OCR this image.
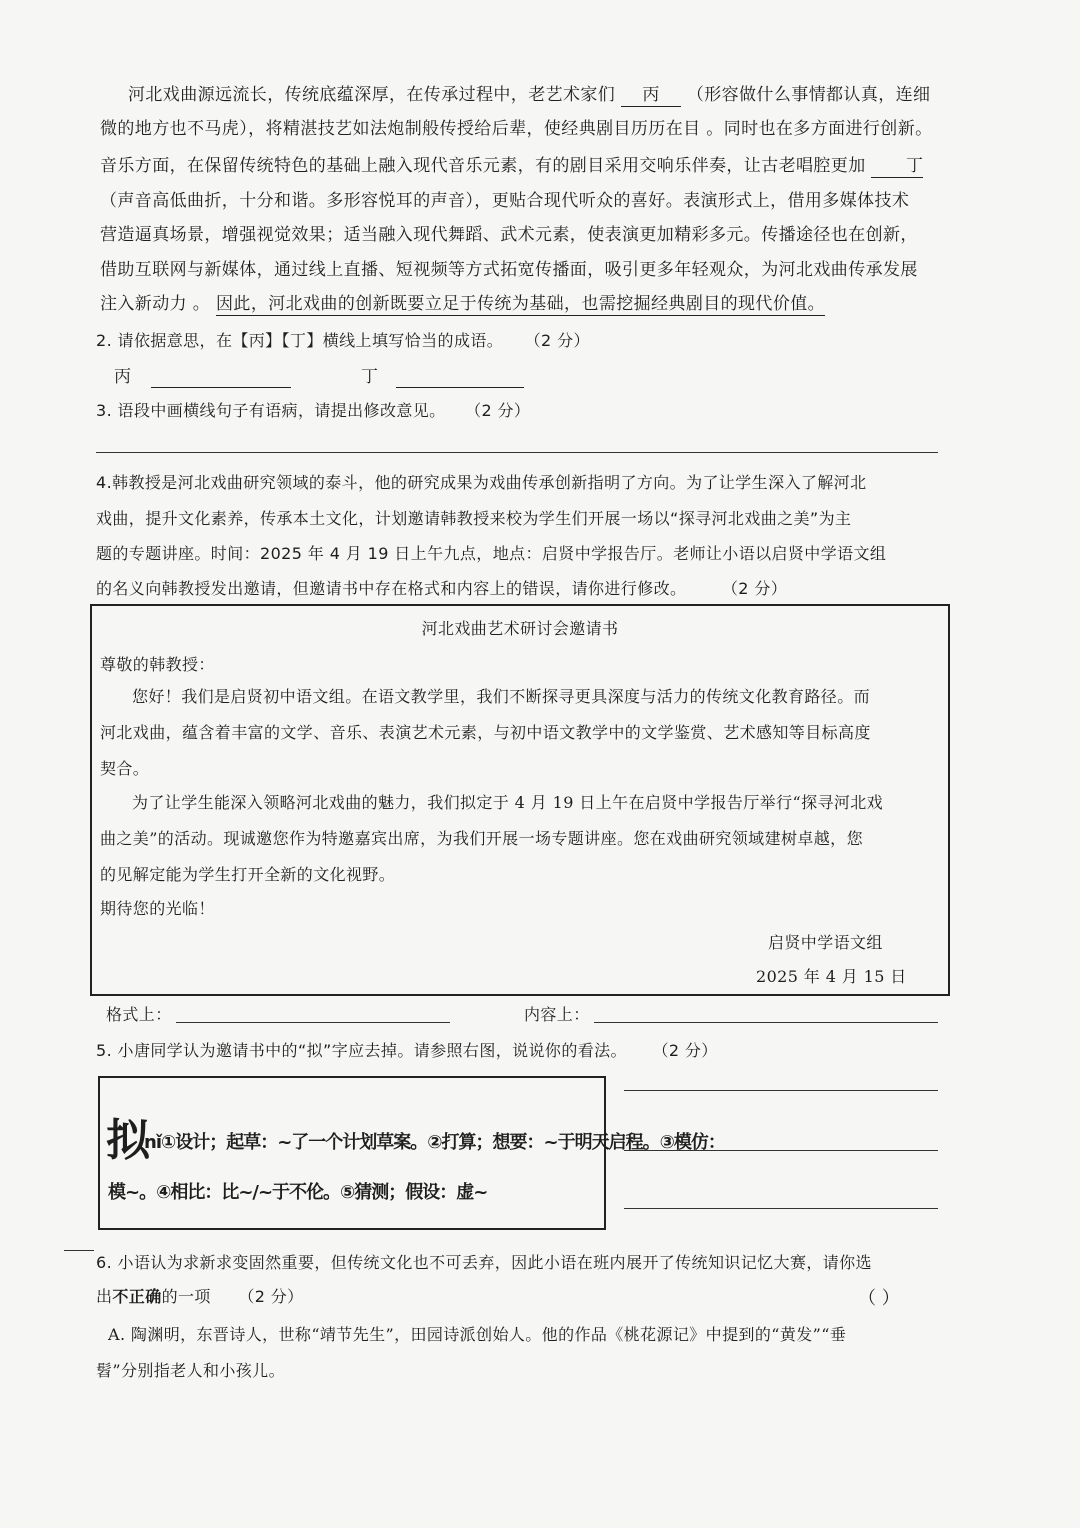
河北戏曲源远流长，传统底蕴深厚，在传承过程中，老艺术家们 丙 （形容做什么事情都认真，连细
微的地方也不马虎），将精湛技艺如法炮制般传授给后辈，使经典剧目历历在目 。同时也在多方面进行创新。
音乐方面，在保留传统特色的基础上融入现代音乐元素，有的剧目采用交响乐伴奏，让古老唱腔更加 丁
（声音高低曲折，十分和谐。多形容悦耳的声音），更贴合现代听众的喜好。表演形式上，借用多媒体技术
营造逼真场景，增强视觉效果；适当融入现代舞蹈、武术元素，使表演更加精彩多元。传播途径也在创新，
借助互联网与新媒体，通过线上直播、短视频等方式拓宽传播面，吸引更多年轻观众，为河北戏曲传承发展
注入新动力 。 因此，河北戏曲的创新既要立足于传统为基础，也需挖掘经典剧目的现代价值。
2. 请依据意思，在【丙】【丁】横线上填写恰当的成语。 （2 分）
丙	丁
3. 语段中画横线句子有语病，请提出修改意见。 （2 分）
4.韩教授是河北戏曲研究领域的泰斗，他的研究成果为戏曲传承创新指明了方向。为了让学生深入了解河北
戏曲，提升文化素养，传承本土文化，计划邀请韩教授来校为学生们开展一场以“探寻河北戏曲之美”为主
题的专题讲座。时间：2025 年 4 月 19 日上午九点，地点：启贤中学报告厅。老师让小语以启贤中学语文组
的名义向韩教授发出邀请，但邀请书中存在格式和内容上的错误，请你进行修改。 （2 分）
河北戏曲艺术研讨会邀请书
尊敬的韩教授：
您好！我们是启贤初中语文组。在语文教学里，我们不断探寻更具深度与活力的传统文化教育路径。而
河北戏曲，蕴含着丰富的文学、音乐、表演艺术元素，与初中语文教学中的文学鉴赏、艺术感知等目标高度
契合。
为了让学生能深入领略河北戏曲的魅力，我们拟定于 4 月 19 日上午在启贤中学报告厅举行“探寻河北戏
曲之美”的活动。现诚邀您作为特邀嘉宾出席，为我们开展一场专题讲座。您在戏曲研究领域建树卓越，您
的见解定能为学生打开全新的文化视野。
期待您的光临！
启贤中学语文组
2025 年 4 月 15 日
格式上：	内容上：
5. 小唐同学认为邀请书中的“拟”字应去掉。请参照右图，说说你的看法。 （2 分）
拟
nǐ①设计；起草：~了一个计划草案。②打算；想要：~于明天启程。③模仿：
模~。④相比：比~/~于不伦。⑤猜测；假设：虚~
6. 小语认为求新求变固然重要，但传统文化也不可丢弃，因此小语在班内展开了传统知识记忆大赛，请你选
出不正确的一项 （2 分）	（ ）
A. 陶渊明，东晋诗人，世称“靖节先生”，田园诗派创始人。他的作品《桃花源记》中提到的“黄发”“垂
髫”分别指老人和小孩儿。
